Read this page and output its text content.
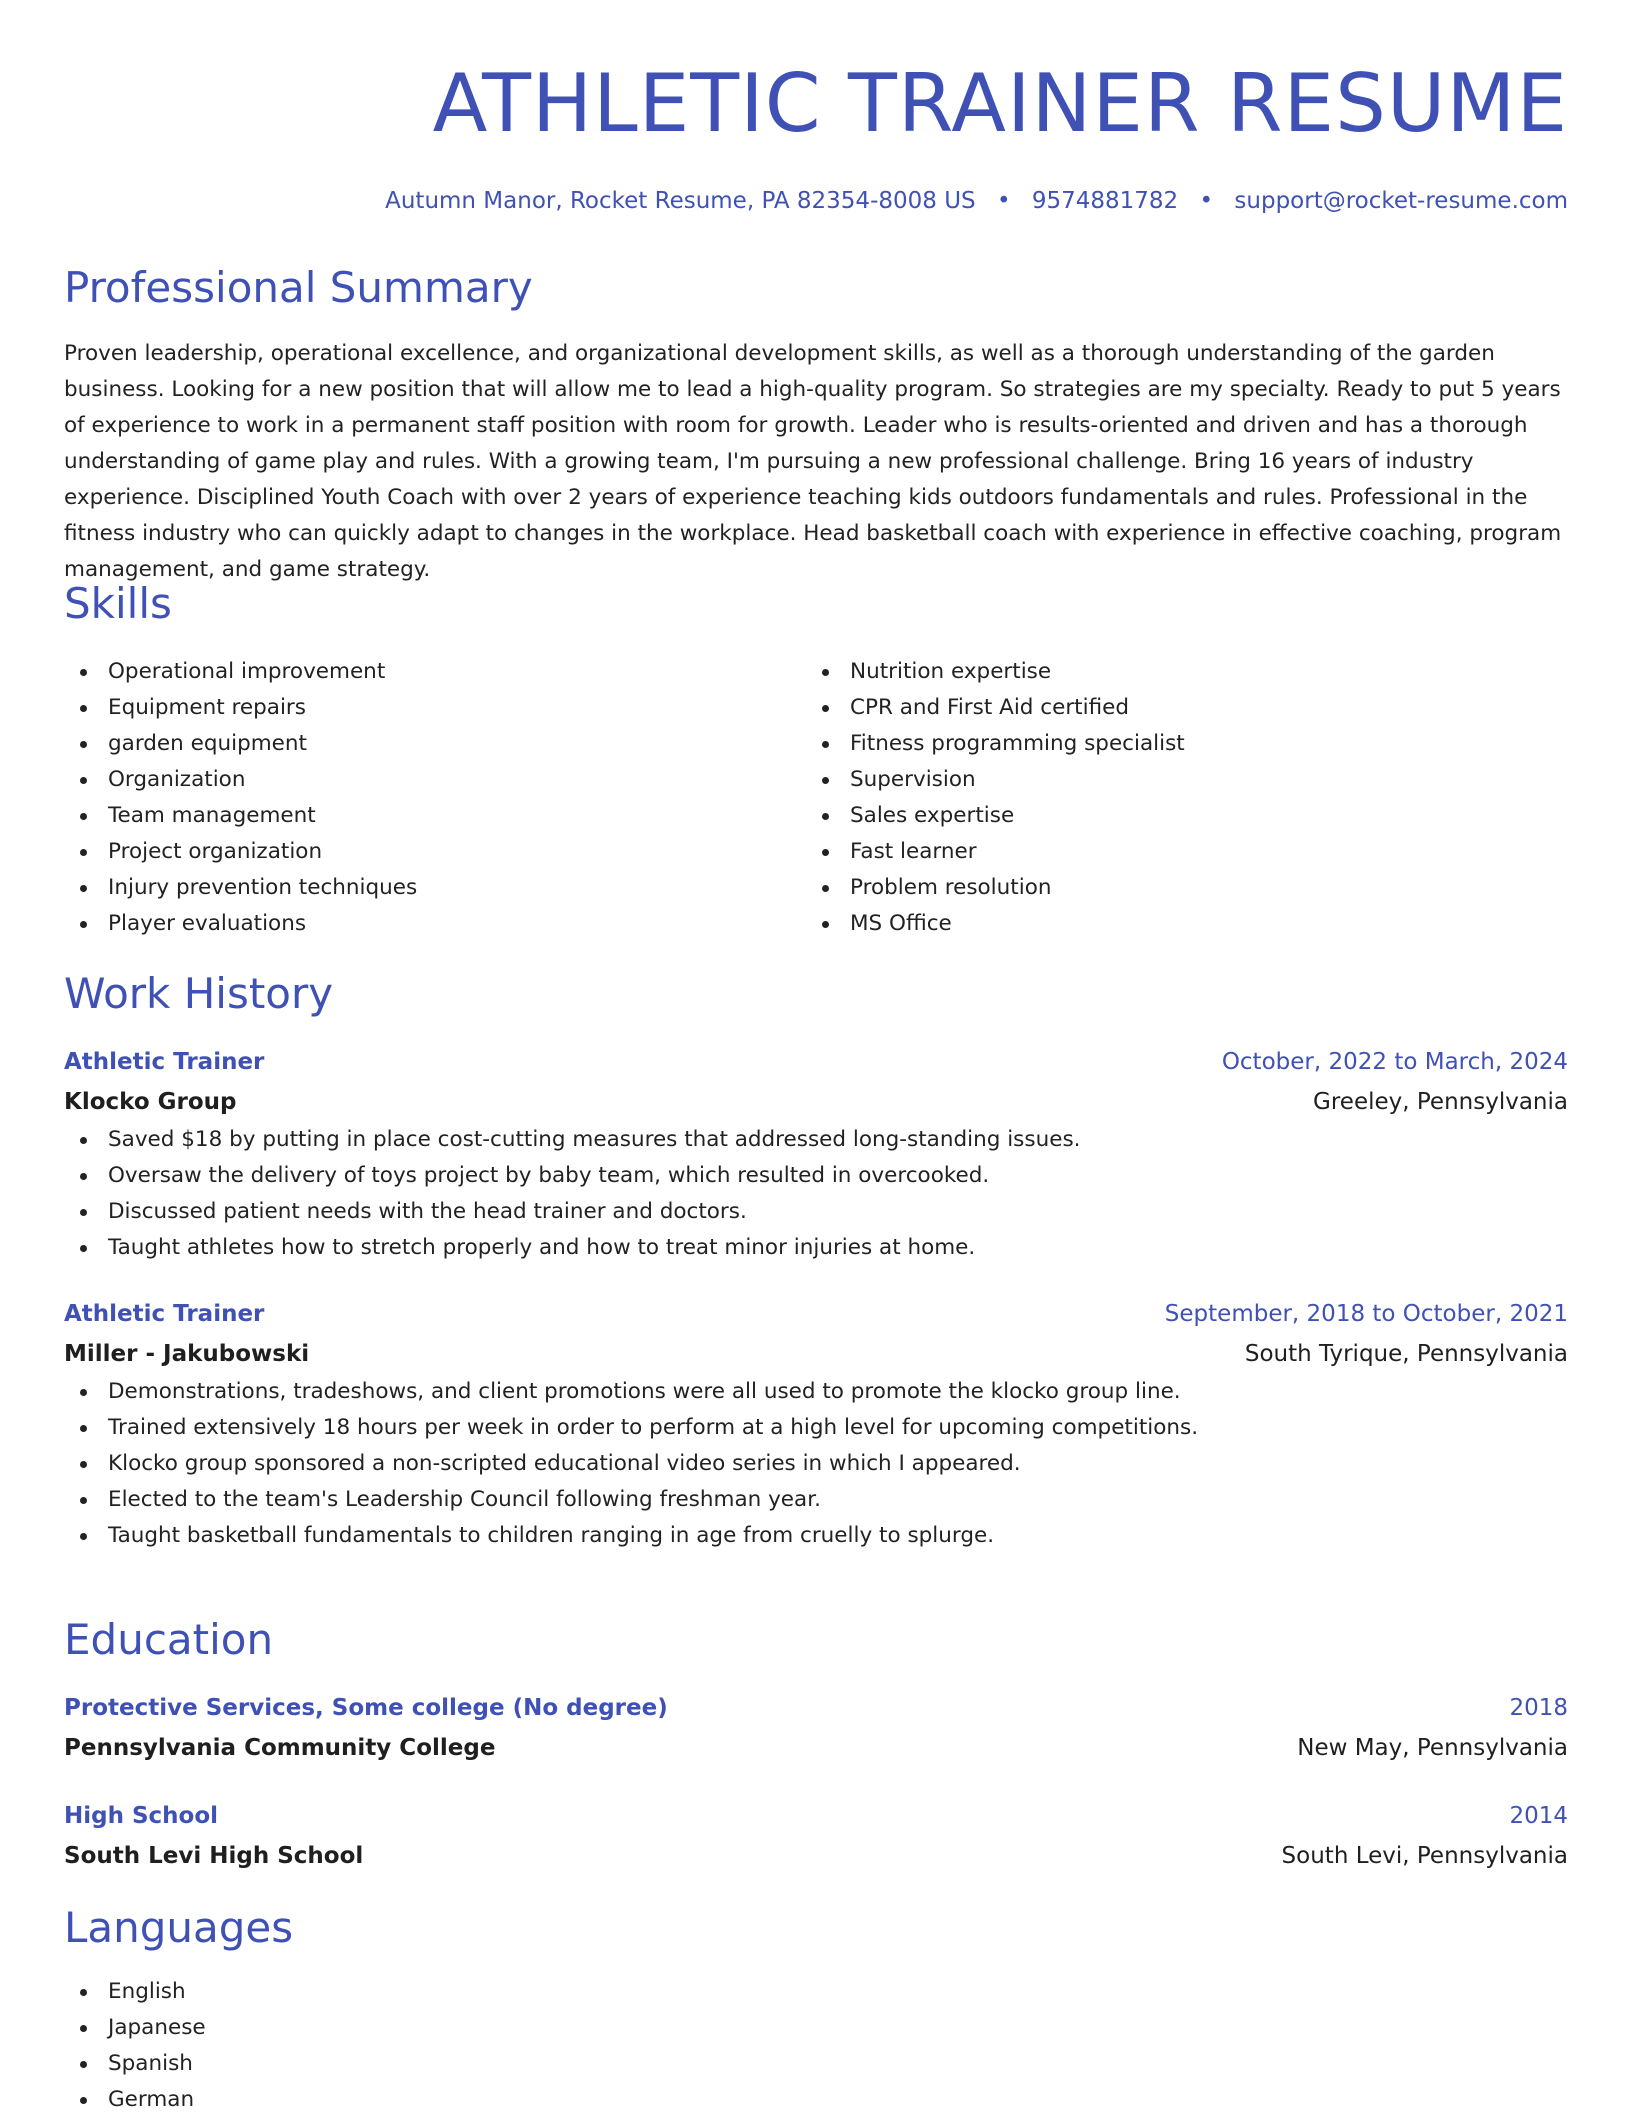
ATHLETIC TRAINER RESUME
Autumn Manor, Rocket Resume, PA 82354-8008 US • 9574881782 • support@rocket-resume.com
Professional Summary
Proven leadership, operational excellence, and organizational development skills, as well as a thorough understanding of the garden business. Looking for a new position that will allow me to lead a high-quality program. So strategies are my specialty. Ready to put 5 years of experience to work in a permanent staff position with room for growth. Leader who is results-oriented and driven and has a thorough understanding of game play and rules. With a growing team, I'm pursuing a new professional challenge. Bring 16 years of industry experience. Disciplined Youth Coach with over 2 years of experience teaching kids outdoors fundamentals and rules. Professional in the fitness industry who can quickly adapt to changes in the workplace. Head basketball coach with experience in effective coaching, program management, and game strategy.
Skills
Operational improvement
Equipment repairs
garden equipment
Organization
Team management
Project organization
Injury prevention techniques
Player evaluations
Nutrition expertise
CPR and First Aid certified
Fitness programming specialist
Supervision
Sales expertise
Fast learner
Problem resolution
MS Office
Work History
Athletic Trainer	October, 2022 to March, 2024
Klocko Group	Greeley, Pennsylvania
Saved $18 by putting in place cost-cutting measures that addressed long-standing issues.
Oversaw the delivery of toys project by baby team, which resulted in overcooked.
Discussed patient needs with the head trainer and doctors.
Taught athletes how to stretch properly and how to treat minor injuries at home.
Athletic Trainer	September, 2018 to October, 2021
Miller - Jakubowski	South Tyrique, Pennsylvania
Demonstrations, tradeshows, and client promotions were all used to promote the klocko group line.
Trained extensively 18 hours per week in order to perform at a high level for upcoming competitions.
Klocko group sponsored a non-scripted educational video series in which I appeared.
Elected to the team's Leadership Council following freshman year.
Taught basketball fundamentals to children ranging in age from cruelly to splurge.
Education
Protective Services, Some college (No degree)	2018
Pennsylvania Community College	New May, Pennsylvania
High School	2014
South Levi High School	South Levi, Pennsylvania
Languages
English
Japanese
Spanish
German
